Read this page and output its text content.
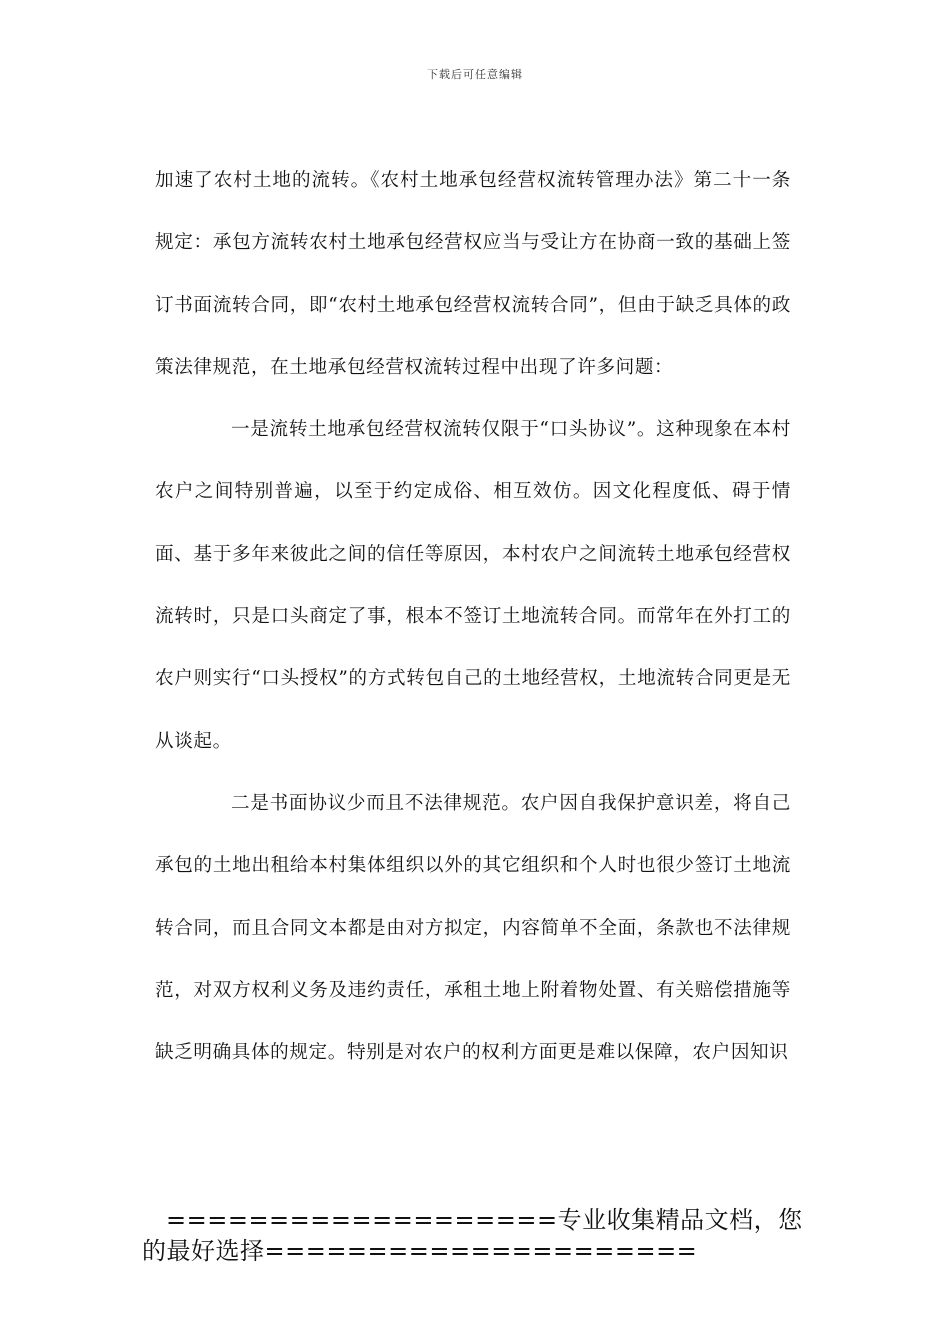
下载后可任意编辑

加速了农村土地的流转。《农村土地承包经营权流转管理办法》第二十一条规定：承包方流转农村土地承包经营权应当与受让方在协商一致的基础上签订书面流转合同，即“农村土地承包经营权流转合同”，但由于缺乏具体的政策法律规范，在土地承包经营权流转过程中出现了许多问题：

一是流转土地承包经营权流转仅限于“口头协议”。这种现象在本村农户之间特别普遍，以至于约定成俗、相互效仿。因文化程度低、碍于情面、基于多年来彼此之间的信任等原因，本村农户之间流转土地承包经营权流转时，只是口头商定了事，根本不签订土地流转合同。而常年在外打工的农户则实行“口头授权”的方式转包自己的土地经营权，土地流转合同更是无从谈起。

二是书面协议少而且不法律规范。农户因自我保护意识差，将自己承包的土地出租给本村集体组织以外的其它组织和个人时也很少签订土地流转合同，而且合同文本都是由对方拟定，内容简单不全面，条款也不法律规范，对双方权利义务及违约责任，承租土地上附着物处置、有关赔偿措施等缺乏明确具体的规定。特别是对农户的权利方面更是难以保障，农户因知识

===================专业收集精品文档，您的最好选择=====================
